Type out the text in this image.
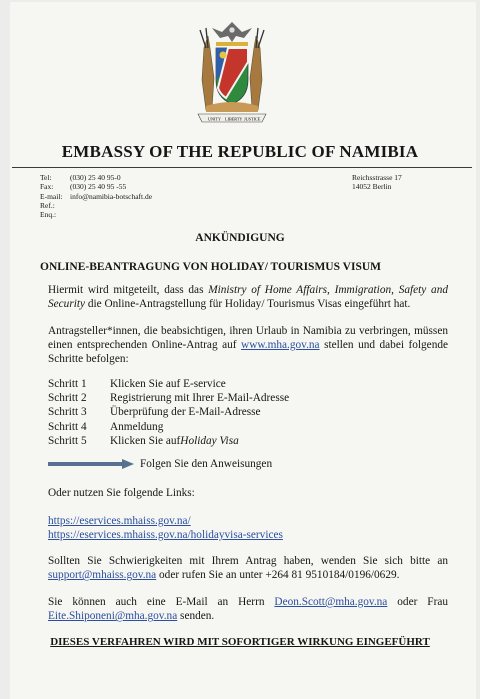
UNITY LIBERTY JUSTICE
EMBASSY OF THE REPUBLIC OF NAMIBIA
Tel:	(030) 25 40 95-0
Fax:	(030) 25 40 95 -55
E-mail:	info@namibia-botschaft.de
Ref.:
Enq.:
Reichsstrasse 17
14052 Berlin
ANKÜNDIGUNG
ONLINE-BEANTRAGUNG VON HOLIDAY/ TOURISMUS VISUM
Hiermit wird mitgeteilt, dass das Ministry of Home Affairs, Immigration, Safety and Security die Online-Antragstellung für Holiday/ Tourismus Visas eingeführt hat.
Antragsteller*innen, die beabsichtigen, ihren Urlaub in Namibia zu verbringen, müssen einen entsprechenden Online-Antrag auf www.mha.gov.na stellen und dabei folgende Schritte befolgen:
Schritt 1	Klicken Sie auf E-service
Schritt 2	Registrierung mit Ihrer E-Mail-Adresse
Schritt 3	Überprüfung der E-Mail-Adresse
Schritt 4	Anmeldung
Schritt 5	Klicken Sie auf Holiday Visa
Folgen Sie den Anweisungen
Oder nutzen Sie folgende Links:
https://eservices.mhaiss.gov.na/
https://eservices.mhaiss.gov.na/holidayvisa-services
Sollten Sie Schwierigkeiten mit Ihrem Antrag haben, wenden Sie sich bitte an support@mhaiss.gov.na oder rufen Sie an unter +264 81 9510184/0196/0629.
Sie können auch eine E-Mail an Herrn Deon.Scott@mha.gov.na oder Frau Eite.Shiponeni@mha.gov.na senden.
DIESES VERFAHREN WIRD MIT SOFORTIGER WIRKUNG EINGEFÜHRT
